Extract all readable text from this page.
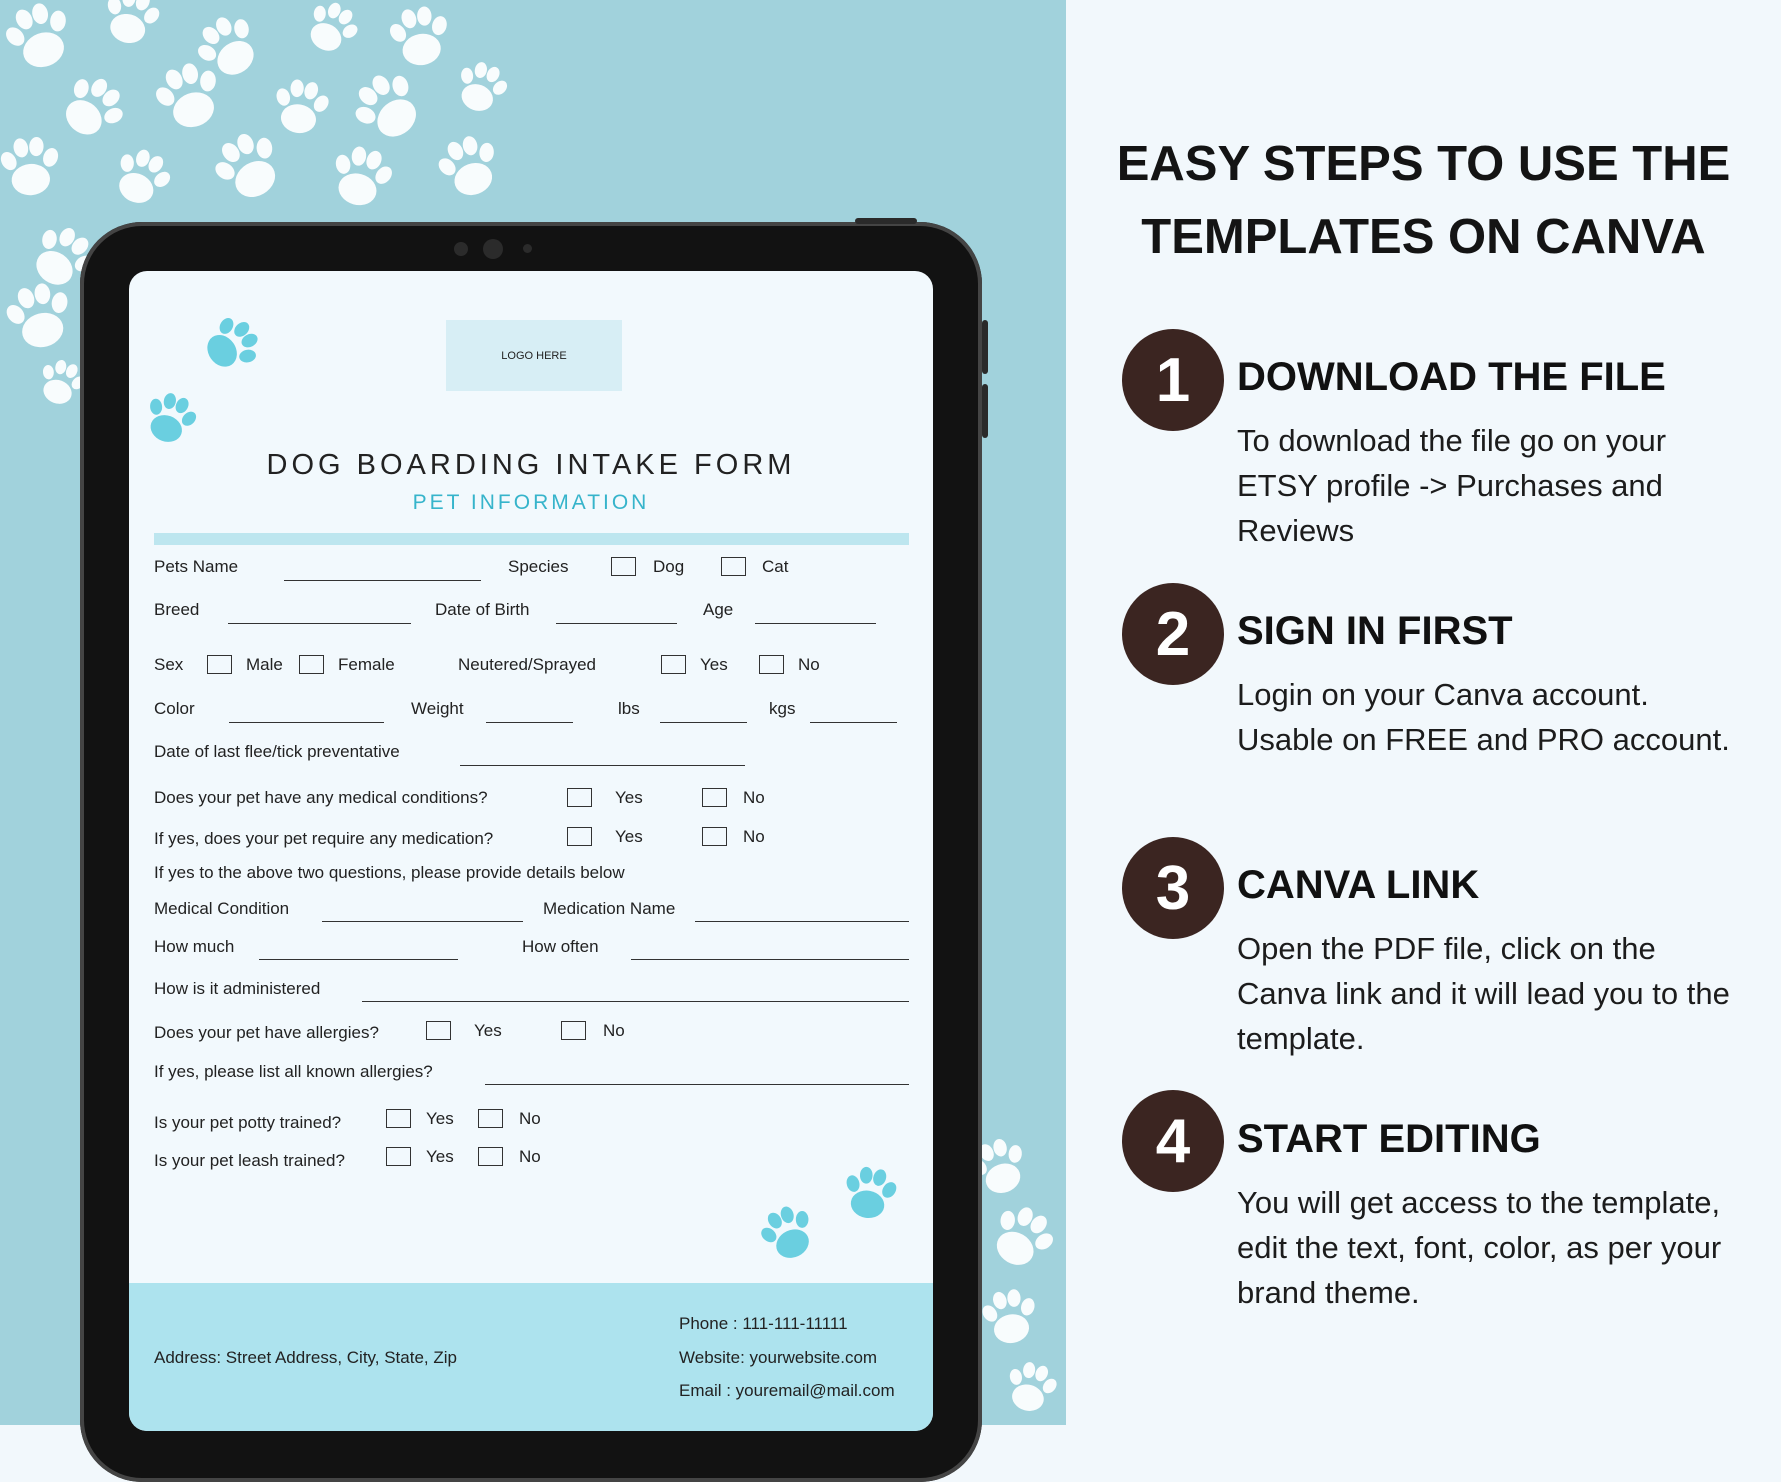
LOGO HERE
DOG BOARDING INTAKE FORM
PET INFORMATION
Pets Name	Species	Dog	Cat
Breed	Date of Birth	Age
Sex	Male	Female	Neutered/Sprayed	Yes	No
Color	Weight	lbs	kgs
Date of last flee/tick preventative
Does your pet have any medical conditions?	Yes	No
If yes, does your pet require any medication?	Yes	No
If yes to the above two questions, please provide details below
Medical Condition	Medication Name
How much	How often
How is it administered
Does your pet have allergies?	Yes	No
If yes, please list all known allergies?
Is your pet potty trained?	Yes	No
Is your pet leash trained?	Yes	No
Address: Street Address, City, State, Zip
Phone : 111-111-11111
Website: yourwebsite.com
Email : youremail@mail.com
EASY STEPS TO USE THE
TEMPLATES ON CANVA
1	DOWNLOAD THE FILE
To download the file go on your ETSY profile -> Purchases and Reviews
2	SIGN IN FIRST
Login on your Canva account. Usable on FREE and PRO account.
3	CANVA LINK
Open the PDF file, click on the Canva link and it will lead you to the template.
4	START EDITING
You will get access to the template, edit the text, font, color, as per your brand theme.
